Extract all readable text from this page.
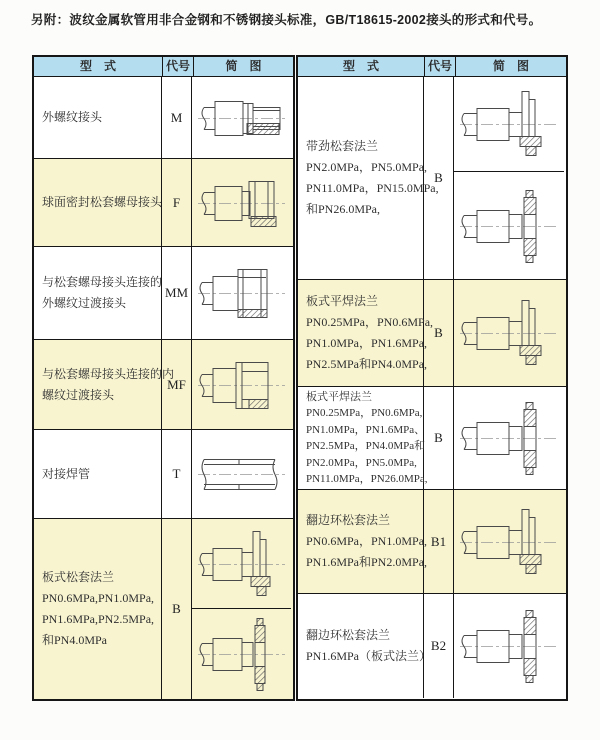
另附：波纹金属软管用非合金钢和不锈钢接头标准，GB/T18615-2002接头的形式和代号。
型　式	代号	简　图
外螺纹接头	M
球面密封松套螺母接头 F
与松套螺母接头连接的
外螺纹过渡接头
MM
与松套螺母接头连接的内
螺纹过渡接头
MF
对接焊管	T
板式松套法兰
PN0.6MPa,PN1.0MPa,
PN1.6MPa,PN2.5MPa,
和PN4.0MPa
B
型　式	代号	简　图
带劲松套法兰
PN2.0MPa，PN5.0MPa,
PN11.0MPa，PN15.0MPa,
和PN26.0MPa,
B
板式平焊法兰
PN0.25MPa，PN0.6MPa,
PN1.0MPa，PN1.6MPa,
PN2.5MPa和PN4.0MPa,
B
板式平焊法兰
PN0.25MPa，PN0.6MPa,
PN1.0MPa，PN1.6MPa、
PN2.5MPa，PN4.0MPa和
PN2.0MPa，PN5.0MPa,
PN11.0MPa，PN26.0MPa,
B
翻边环松套法兰
PN0.6MPa，PN1.0MPa,
PN1.6MPa和PN2.0MPa,
B1
翻边环松套法兰
PN1.6MPa（板式法兰）
B2
